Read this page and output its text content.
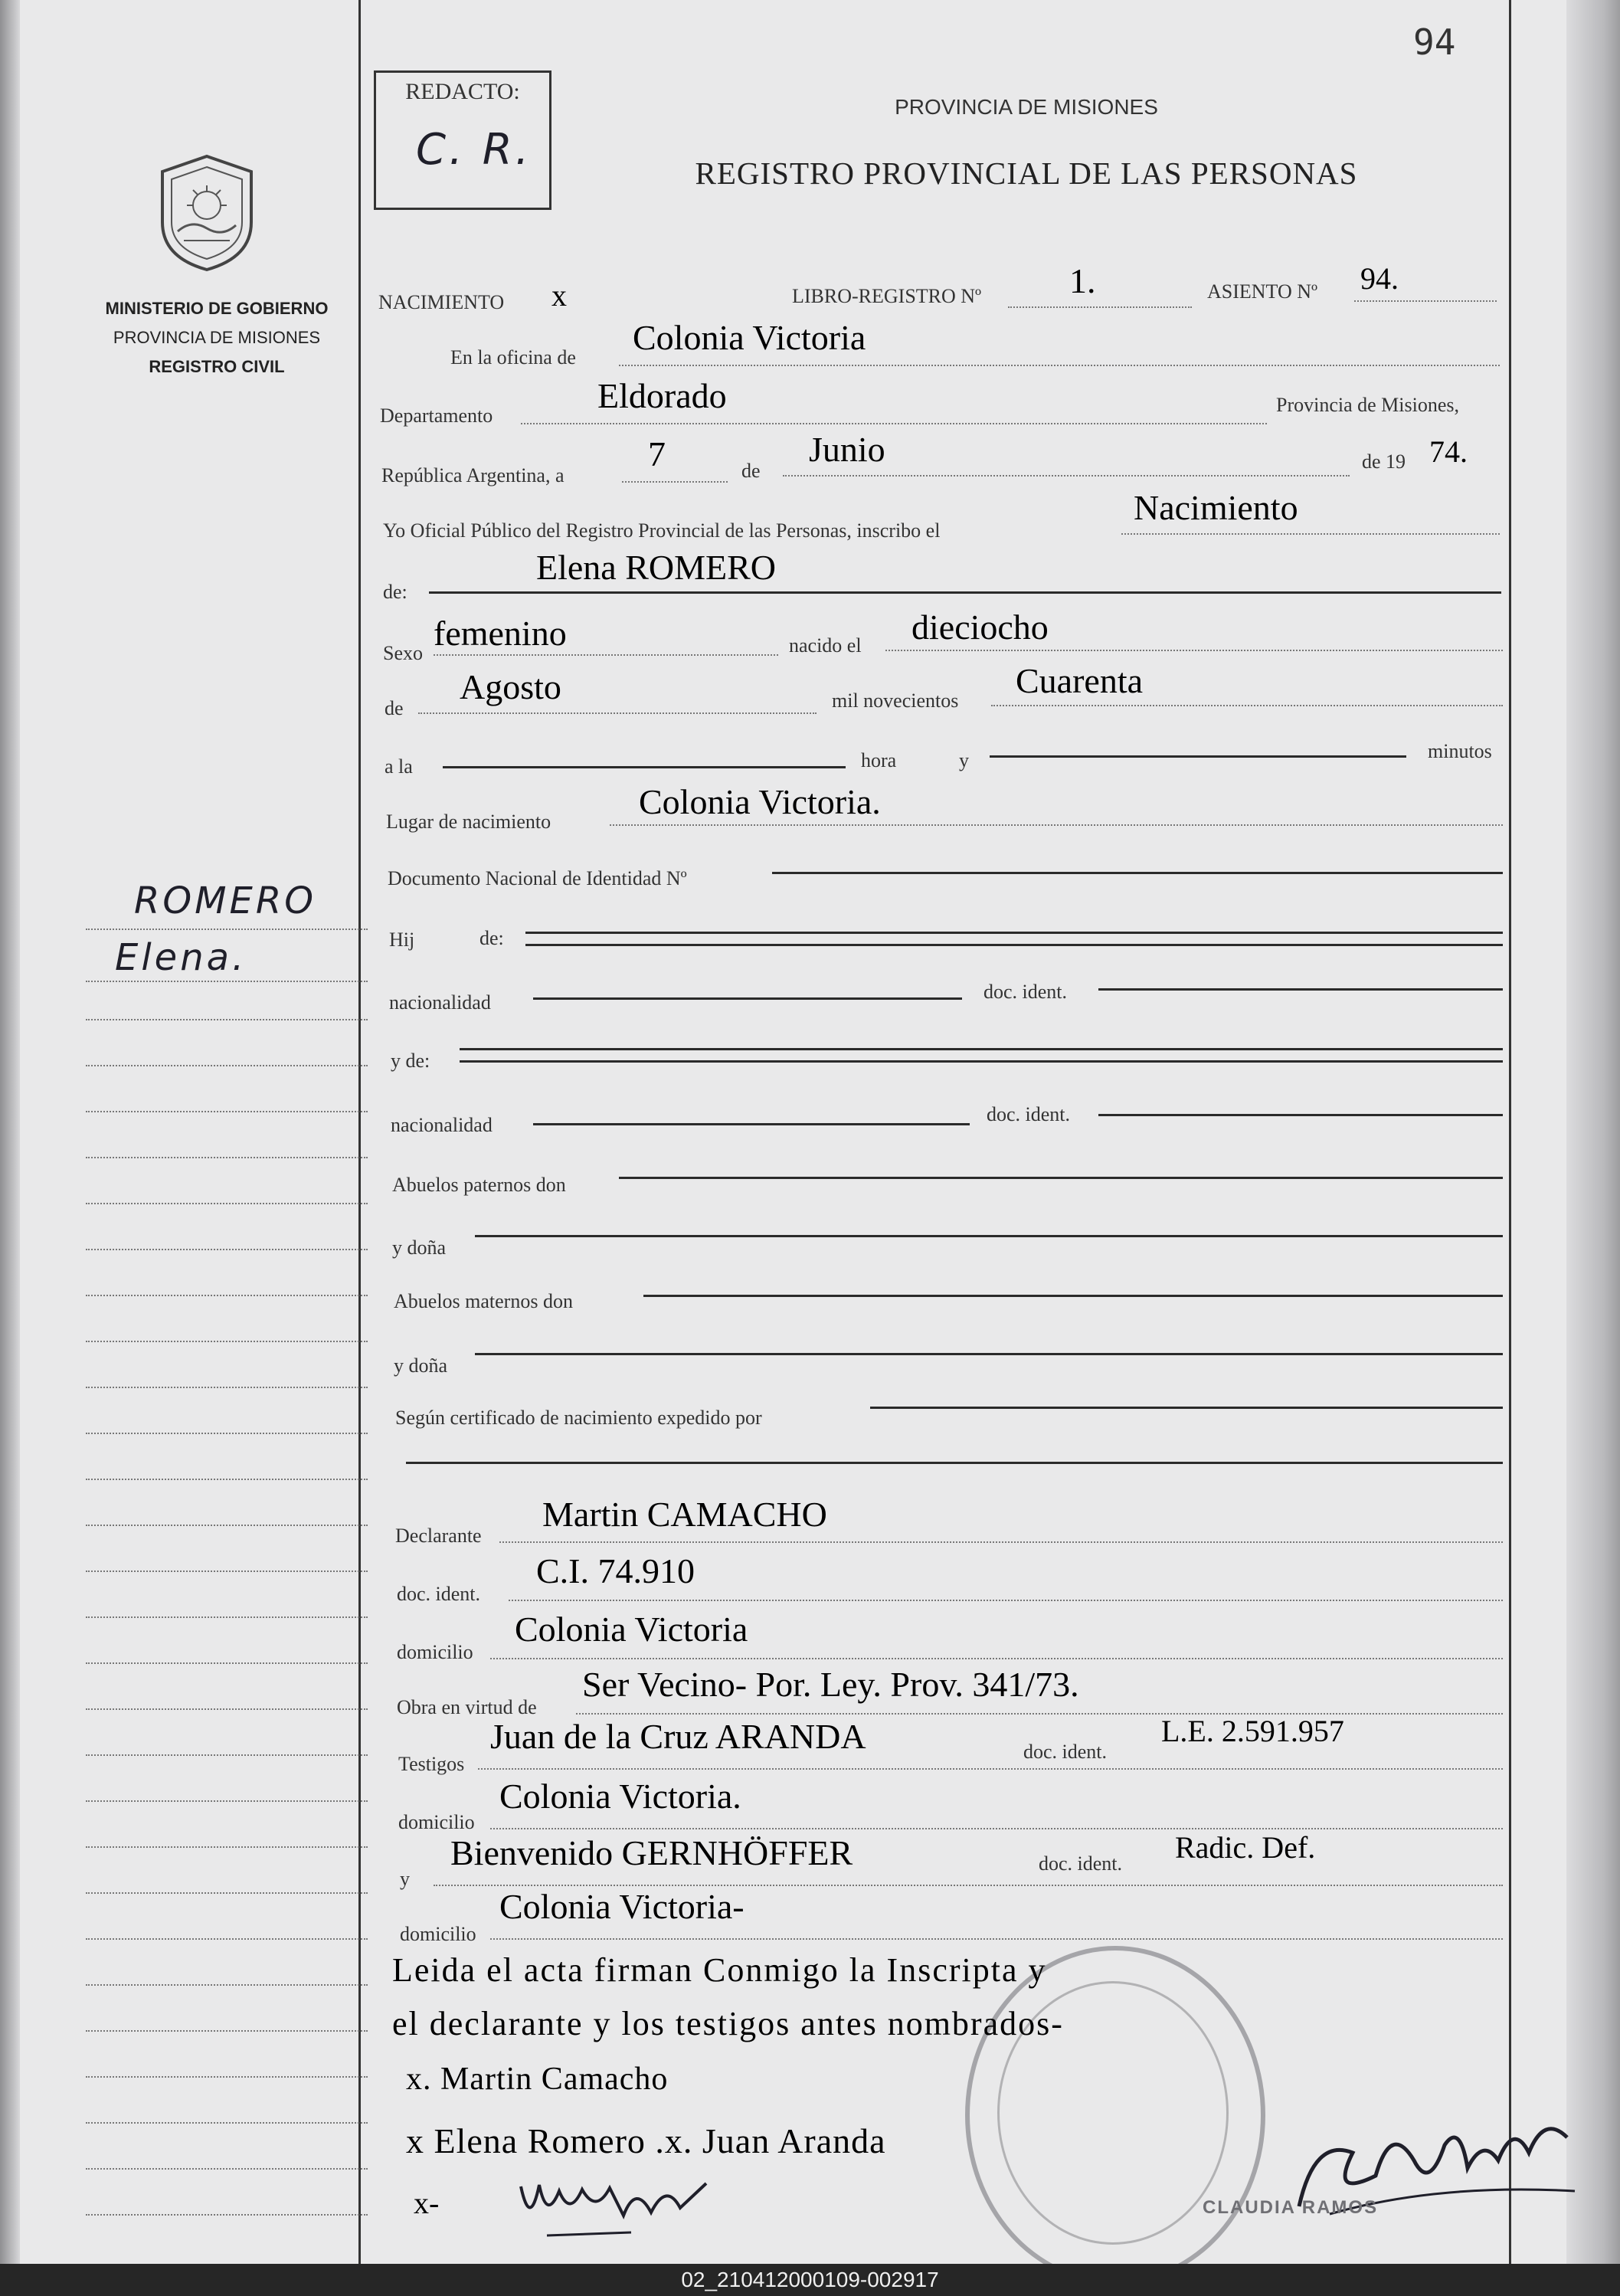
94
REDACTO:
C. R.
MINISTERIO DE GOBIERNO
PROVINCIA DE MISIONES
REGISTRO CIVIL
PROVINCIA DE MISIONES
REGISTRO PROVINCIAL DE LAS PERSONAS
ROMERO
Elena.
NACIMIENTO x	LIBRO-REGISTRO Nº 1.	ASIENTO Nº 94.
En la oficina de
Colonia Victoria
Departamento
Eldorado	Provincia de Misiones,
República Argentina, a
7	de
Junio	de 19 74.
Yo Oficial Público del Registro Provincial de las Personas, inscribo el
Nacimiento
de:
Elena ROMERO
Sexo
femenino	nacido el dieciocho
de
Agosto	mil novecientos
Cuarenta
a la	hora	y	minutos
Lugar de nacimiento
Colonia Victoria.
Documento Nacional de Identidad Nº
Hij	de:
nacionalidad	doc. ident.
y de:
nacionalidad	doc. ident.
Abuelos paternos don
y doña
Abuelos maternos don
y doña
Según certificado de nacimiento expedido por
Declarante
Martin CAMACHO
doc. ident.
C.I. 74.910
domicilio
Colonia Victoria
Obra en virtud de
Ser Vecino- Por. Ley. Prov. 341/73.
Testigos
Juan de la Cruz ARANDA	doc. ident.
L.E. 2.591.957
domicilio
Colonia Victoria.
y
Bienvenido GERNHÖFFER	doc. ident. Radic. Def.
domicilio
Colonia Victoria-
Leida el acta firman Conmigo la Inscripta y
el declarante y los testigos antes nombrados-
x. Martin Camacho
x Elena Romero .x. Juan Aranda
x-	CLAUDIA RAMOS
02_210412000109-002917
